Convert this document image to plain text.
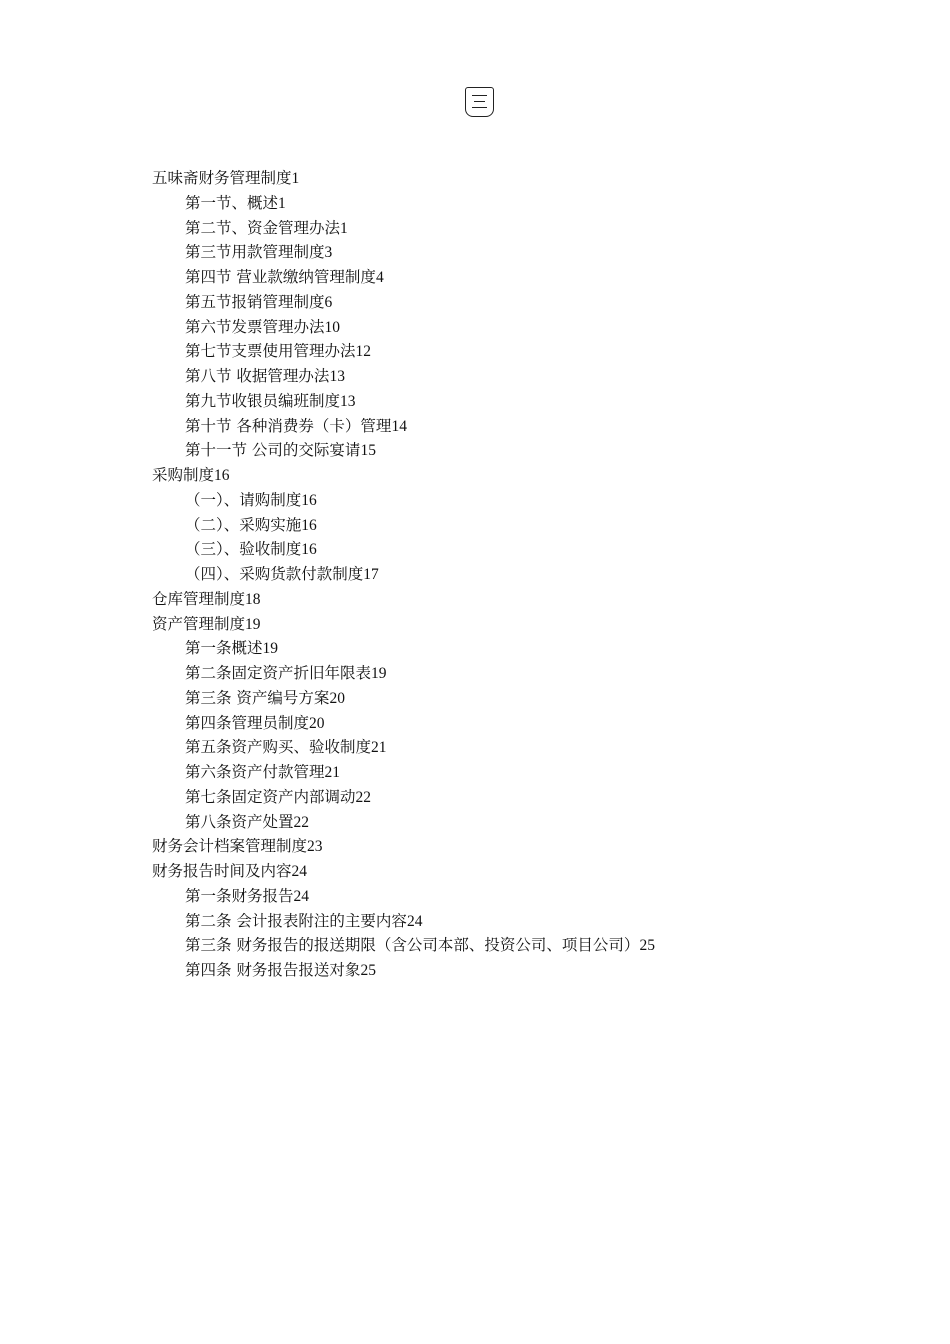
五味斋财务管理制度1
第一节、概述1
第二节、资金管理办法1
第三节用款管理制度3
第四节 营业款缴纳管理制度4
第五节报销管理制度6
第六节发票管理办法10
第七节支票使用管理办法12
第八节 收据管理办法13
第九节收银员编班制度13
第十节 各种消费券（卡）管理14
第十一节 公司的交际宴请15
采购制度16
（一）、请购制度16
（二）、采购实施16
（三）、验收制度16
（四）、采购货款付款制度17
仓库管理制度18
资产管理制度19
第一条概述19
第二条固定资产折旧年限表19
第三条 资产编号方案20
第四条管理员制度20
第五条资产购买、验收制度21
第六条资产付款管理21
第七条固定资产内部调动22
第八条资产处置22
财务会计档案管理制度23
财务报告时间及内容24
第一条财务报告24
第二条 会计报表附注的主要内容24
第三条 财务报告的报送期限（含公司本部、投资公司、项目公司）25
第四条 财务报告报送对象25
